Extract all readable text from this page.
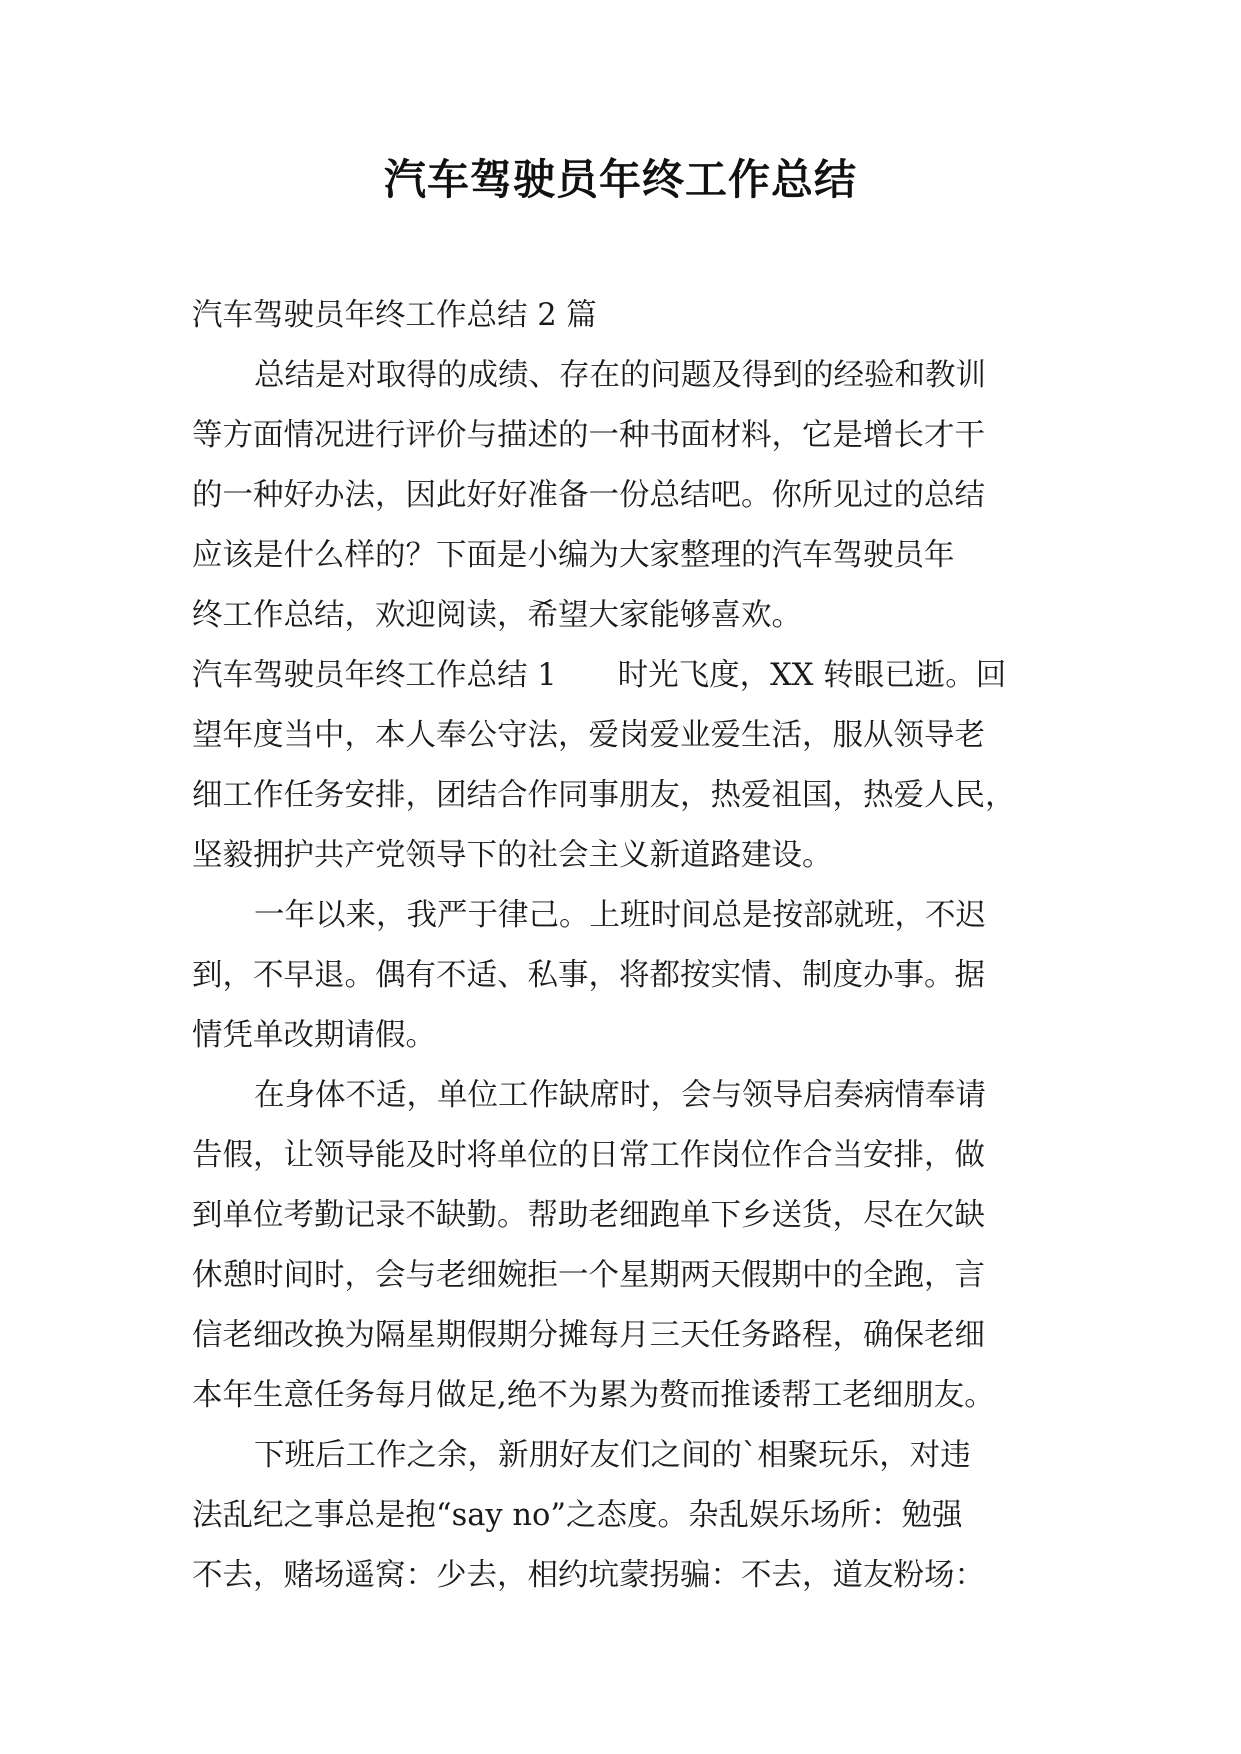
汽车驾驶员年终工作总结
汽车驾驶员年终工作总结 2 篇
总结是对取得的成绩、存在的问题及得到的经验和教训
等方面情况进行评价与描述的一种书面材料，它是增长才干
的一种好办法，因此好好准备一份总结吧。你所见过的总结
应该是什么样的？下面是小编为大家整理的汽车驾驶员年
终工作总结，欢迎阅读，希望大家能够喜欢。
汽车驾驶员年终工作总结 1　　时光飞度，XX 转眼已逝。回
望年度当中，本人奉公守法，爱岗爱业爱生活，服从领导老
细工作任务安排，团结合作同事朋友，热爱祖国，热爱人民，
坚毅拥护共产党领导下的社会主义新道路建设。
一年以来，我严于律己。上班时间总是按部就班，不迟
到，不早退。偶有不适、私事，将都按实情、制度办事。据
情凭单改期请假。
在身体不适，单位工作缺席时，会与领导启奏病情奉请
告假，让领导能及时将单位的日常工作岗位作合当安排，做
到单位考勤记录不缺勤。帮助老细跑单下乡送货，尽在欠缺
休憩时间时，会与老细婉拒一个星期两天假期中的全跑，言
信老细改换为隔星期假期分摊每月三天任务路程，确保老细
本年生意任务每月做足,绝不为累为赘而推诿帮工老细朋友。
下班后工作之余，新朋好友们之间的`相聚玩乐，对违
法乱纪之事总是抱“say no”之态度。杂乱娱乐场所：勉强
不去，赌场遥窝：少去，相约坑蒙拐骗：不去，道友粉场：
